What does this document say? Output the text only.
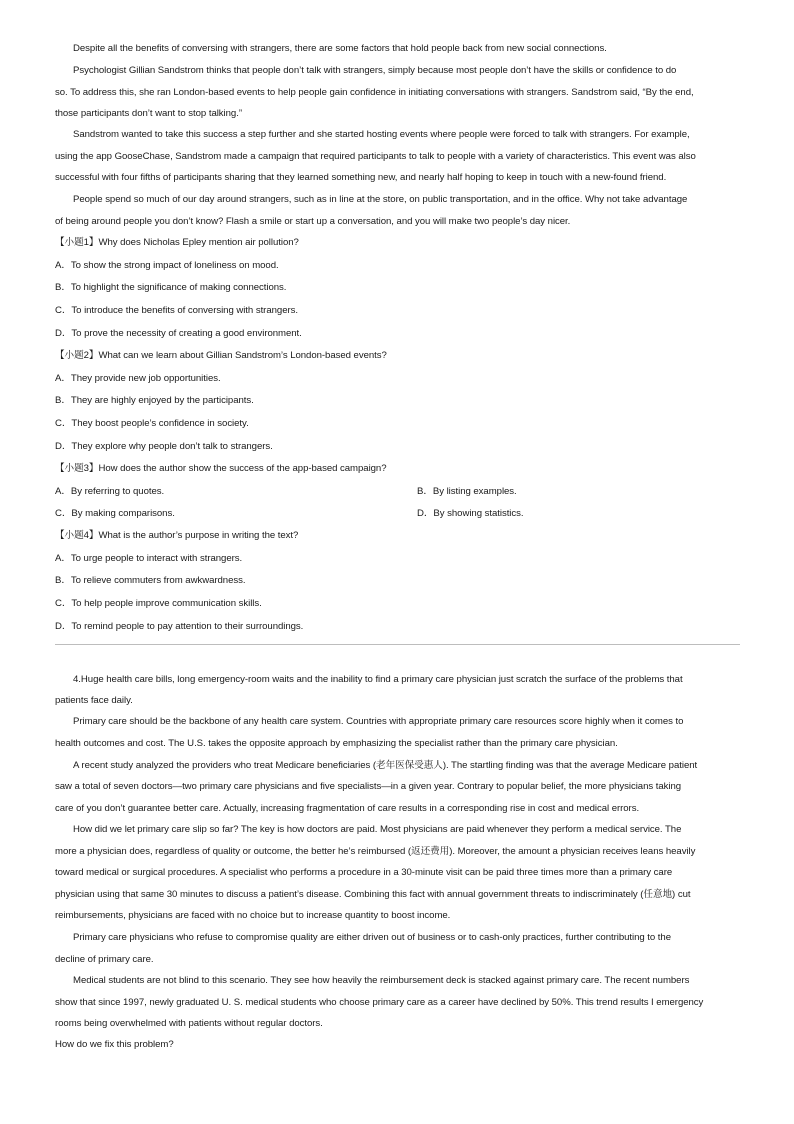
Despite all the benefits of conversing with strangers, there are some factors that hold people back from new social connections.
Psychologist Gillian Sandstrom thinks that people don’t talk with strangers, simply because most people don’t have the skills or confidence to do
so. To address this, she ran London-based events to help people gain confidence in initiating conversations with strangers. Sandstrom said, “By the end,
those participants don’t want to stop talking.”
Sandstrom wanted to take this success a step further and she started hosting events where people were forced to talk with strangers. For example,
using the app GooseChase, Sandstrom made a campaign that required participants to talk to people with a variety of characteristics. This event was also
successful with four fifths of participants sharing that they learned something new, and nearly half hoping to keep in touch with a new-found friend.
People spend so much of our day around strangers, such as in line at the store, on public transportation, and in the office. Why not take advantage
of being around people you don’t know? Flash a smile or start up a conversation, and you will make two people’s day nicer.
【小题1】Why does Nicholas Epley mention air pollution?
A．To show the strong impact of loneliness on mood.
B．To highlight the significance of making connections.
C．To introduce the benefits of conversing with strangers.
D．To prove the necessity of creating a good environment.
【小题2】What can we learn about Gillian Sandstrom’s London-based events?
A．They provide new job opportunities.
B．They are highly enjoyed by the participants.
C．They boost people’s confidence in society.
D．They explore why people don’t talk to strangers.
【小题3】How does the author show the success of the app-based campaign?
A．By referring to quotes.	B．By listing examples.
C．By making comparisons.	D．By showing statistics.
【小题4】What is the author’s purpose in writing the text?
A．To urge people to interact with strangers.
B．To relieve commuters from awkwardness.
C．To help people improve communication skills.
D．To remind people to pay attention to their surroundings.
4.Huge health care bills, long emergency-room waits and the inability to find a primary care physician just scratch the surface of the problems that
patients face daily.
Primary care should be the backbone of any health care system. Countries with appropriate primary care resources score highly when it comes to
health outcomes and cost. The U.S. takes the opposite approach by emphasizing the specialist rather than the primary care physician.
A recent study analyzed the providers who treat Medicare beneficiaries (老年医保受惠人). The startling finding was that the average Medicare patient
saw a total of seven doctors—two primary care physicians and five specialists—in a given year. Contrary to popular belief, the more physicians taking
care of you don’t guarantee better care. Actually, increasing fragmentation of care results in a corresponding rise in cost and medical errors.
How did we let primary care slip so far? The key is how doctors are paid. Most physicians are paid whenever they perform a medical service. The
more a physician does, regardless of quality or outcome, the better he’s reimbursed (返还费用). Moreover, the amount a physician receives leans heavily
toward medical or surgical procedures. A specialist who performs a procedure in a 30-minute visit can be paid three times more than a primary care
physician using that same 30 minutes to discuss a patient’s disease. Combining this fact with annual government threats to indiscriminately (任意地) cut
reimbursements, physicians are faced with no choice but to increase quantity to boost income.
Primary care physicians who refuse to compromise quality are either driven out of business or to cash-only practices, further contributing to the
decline of primary care.
Medical students are not blind to this scenario. They see how heavily the reimbursement deck is stacked against primary care. The recent numbers
show that since 1997, newly graduated U. S. medical students who choose primary care as a career have declined by 50%. This trend results I emergency
rooms being overwhelmed with patients without regular doctors.
How do we fix this problem?
